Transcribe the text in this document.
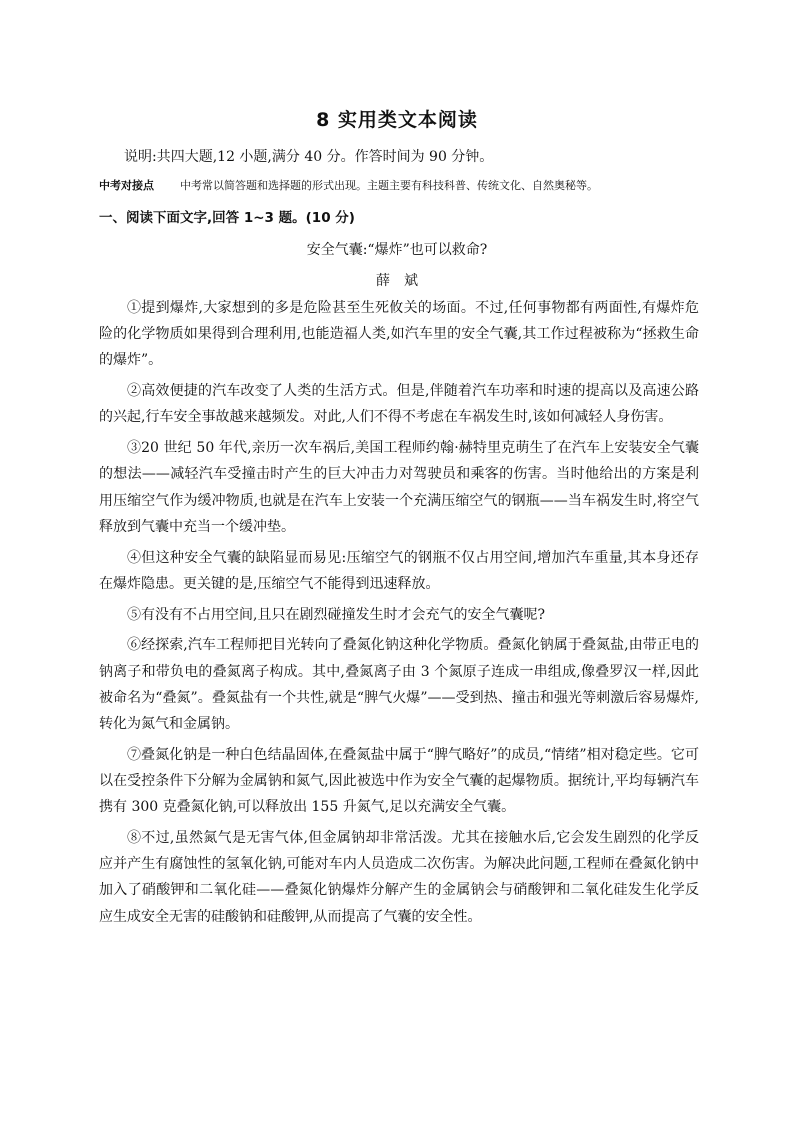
8 实用类文本阅读
说明:共四大题,12 小题,满分 40 分。作答时间为 90 分钟。
中考对接点 中考常以简答题和选择题的形式出现。主题主要有科技科普、传统文化、自然奥秘等。
一、阅读下面文字,回答 1~3 题。(10 分)
安全气囊:“爆炸”也可以救命?
薛斌

①提到爆炸,大家想到的多是危险甚至生死攸关的场面。不过,任何事物都有两面性,有爆炸危险的化学物质如果得到合理利用,也能造福人类,如汽车里的安全气囊,其工作过程被称为“拯救生命的爆炸”。

②高效便捷的汽车改变了人类的生活方式。但是,伴随着汽车功率和时速的提高以及高速公路的兴起,行车安全事故越来越频发。对此,人们不得不考虑在车祸发生时,该如何减轻人身伤害。

③20 世纪 50 年代,亲历一次车祸后,美国工程师约翰·赫特里克萌生了在汽车上安装安全气囊的想法——减轻汽车受撞击时产生的巨大冲击力对驾驶员和乘客的伤害。当时他给出的方案是利用压缩空气作为缓冲物质,也就是在汽车上安装一个充满压缩空气的钢瓶——当车祸发生时,将空气释放到气囊中充当一个缓冲垫。

④但这种安全气囊的缺陷显而易见:压缩空气的钢瓶不仅占用空间,增加汽车重量,其本身还存在爆炸隐患。更关键的是,压缩空气不能得到迅速释放。

⑤有没有不占用空间,且只在剧烈碰撞发生时才会充气的安全气囊呢?

⑥经探索,汽车工程师把目光转向了叠氮化钠这种化学物质。叠氮化钠属于叠氮盐,由带正电的钠离子和带负电的叠氮离子构成。其中,叠氮离子由 3 个氮原子连成一串组成,像叠罗汉一样,因此被命名为“叠氮”。叠氮盐有一个共性,就是“脾气火爆”——受到热、撞击和强光等刺激后容易爆炸,转化为氮气和金属钠。

⑦叠氮化钠是一种白色结晶固体,在叠氮盐中属于“脾气略好”的成员,“情绪”相对稳定些。它可以在受控条件下分解为金属钠和氮气,因此被选中作为安全气囊的起爆物质。据统计,平均每辆汽车携有 300 克叠氮化钠,可以释放出 155 升氮气,足以充满安全气囊。

⑧不过,虽然氮气是无害气体,但金属钠却非常活泼。尤其在接触水后,它会发生剧烈的化学反应并产生有腐蚀性的氢氧化钠,可能对车内人员造成二次伤害。为解决此问题,工程师在叠氮化钠中加入了硝酸钾和二氧化硅——叠氮化钠爆炸分解产生的金属钠会与硝酸钾和二氧化硅发生化学反应生成安全无害的硅酸钠和硅酸钾,从而提高了气囊的安全性。
